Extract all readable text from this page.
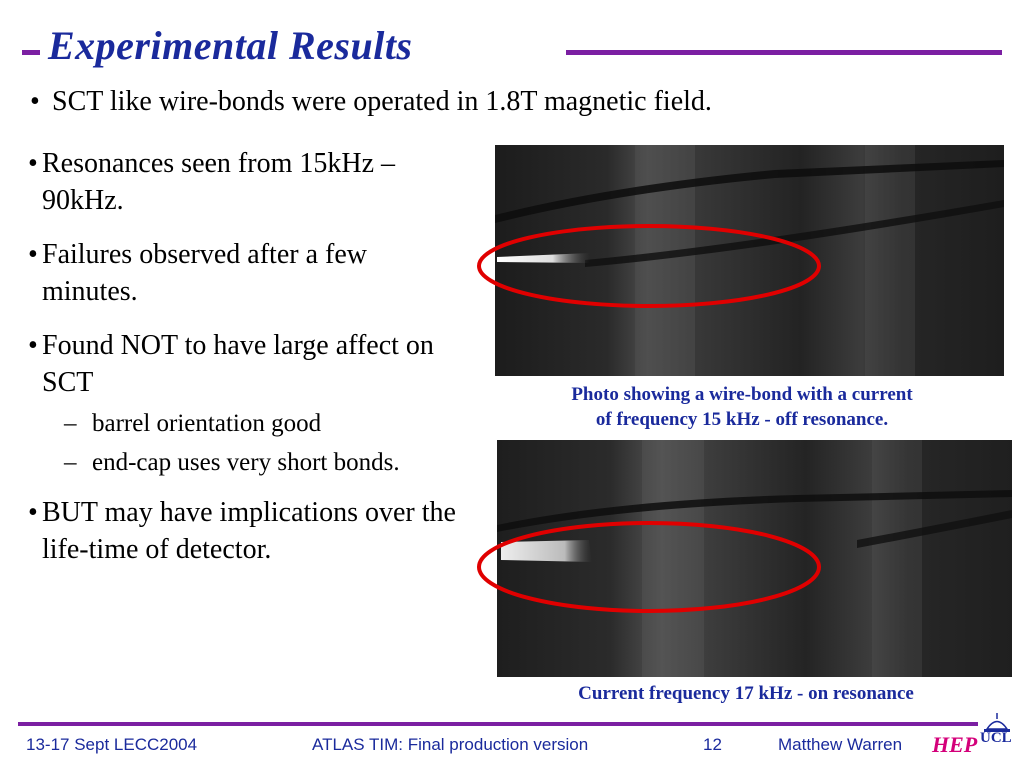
Experimental Results
• SCT like wire-bonds were operated in 1.8T magnetic field.
• Resonances seen from 15kHz – 90kHz.
• Failures observed after a few minutes.
• Found NOT to have large affect on SCT
– barrel orientation good
– end-cap uses very short bonds.
• BUT may have implications over the life-time of detector.
Photo showing a wire-bond with a current
of frequency 15 kHz - off resonance.
Current frequency 17 kHz - on resonance
13-17 Sept LECC2004	ATLAS TIM: Final production version	12	Matthew Warren HEP UCL
